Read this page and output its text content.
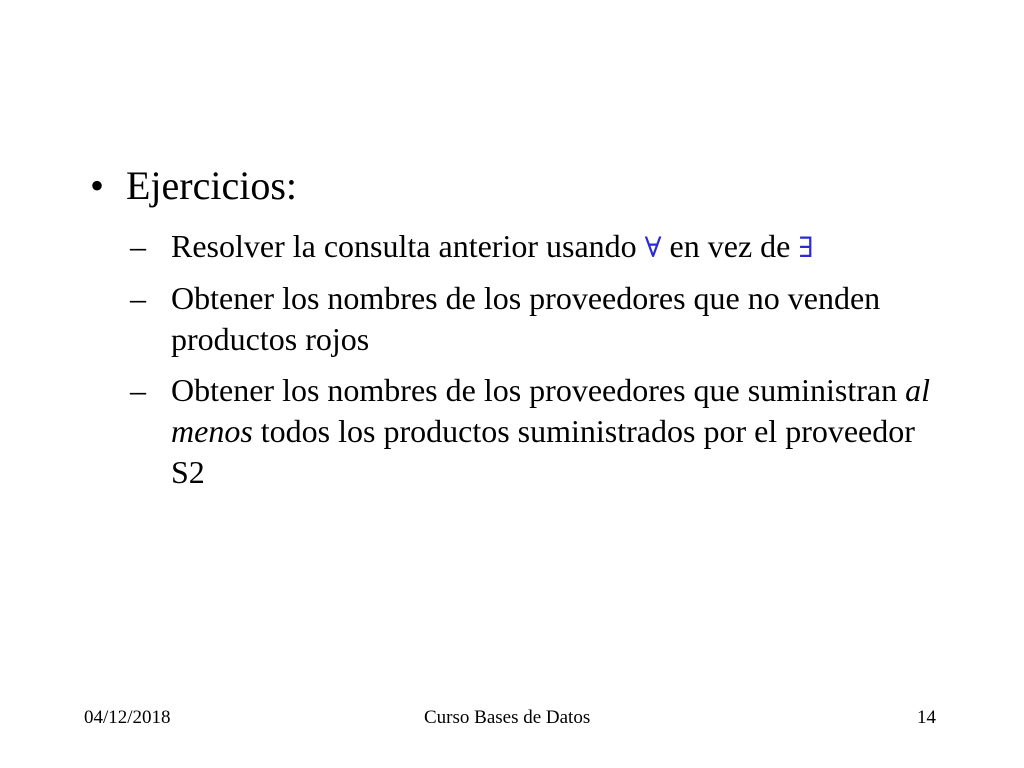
• Ejercicios:
– Resolver la consulta anterior usando ∀ en vez de ∃
– Obtener los nombres de los proveedores que no venden productos rojos
– Obtener los nombres de los proveedores que suministran al menos todos los productos suministrados por el proveedor S2
04/12/2018	Curso Bases de Datos	14
